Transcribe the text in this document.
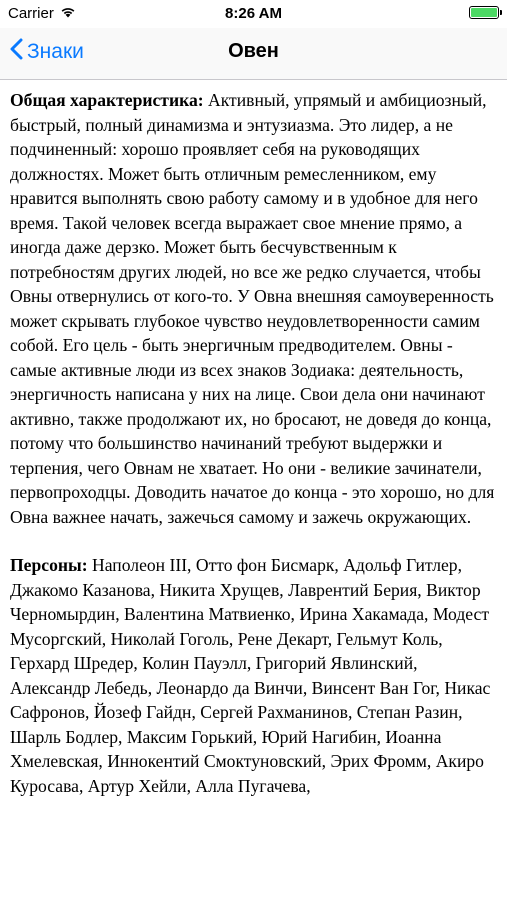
Carrier	8:26 AM
Знаки	Овен

Общая характеристика: Активный, упрямый и амбициозный, быстрый, полный динамизма и энтузиазма. Это лидер, а не подчиненный: хорошо проявляет себя на руководящих должностях. Может быть отличным ремесленником, ему нравится выполнять свою работу самому и в удобное для него время. Такой человек всегда выражает свое мнение прямо, а иногда даже дерзко. Может быть бесчувственным к потребностям других людей, но все же редко случается, чтобы Овны отвернулись от кого-то. У Овна внешняя самоуверенность может скрывать глубокое чувство неудовлетворенности самим собой. Его цель - быть энергичным предводителем. Овны - самые активные люди из всех знаков Зодиака: деятельность, энергичность написана у них на лице. Свои дела они начинают активно, также продолжают их, но бросают, не доведя до конца, потому что большинство начинаний требуют выдержки и терпения, чего Овнам не хватает. Но они - великие зачинатели, первопроходцы. Доводить начатое до конца - это хорошо, но для Овна важнее начать, зажечься самому и зажечь окружающих.

Персоны: Наполеон III, Отто фон Бисмарк, Адольф Гитлер, Джакомо Казанова, Никита Хрущев, Лаврентий Берия, Виктор Черномырдин, Валентина Матвиенко, Ирина Хакамада, Модест Мусоргский, Николай Гоголь, Рене Декарт, Гельмут Коль, Герхард Шредер, Колин Пауэлл, Григорий Явлинский, Александр Лебедь, Леонардо да Винчи, Винсент Ван Гог, Никас Сафронов, Йозеф Гайдн, Сергей Рахманинов, Степан Разин, Шарль Бодлер, Максим Горький, Юрий Нагибин, Иоанна Хмелевская, Иннокентий Смоктуновский, Эрих Фромм, Акиро Куросава, Артур Хейли, Алла Пугачева,
